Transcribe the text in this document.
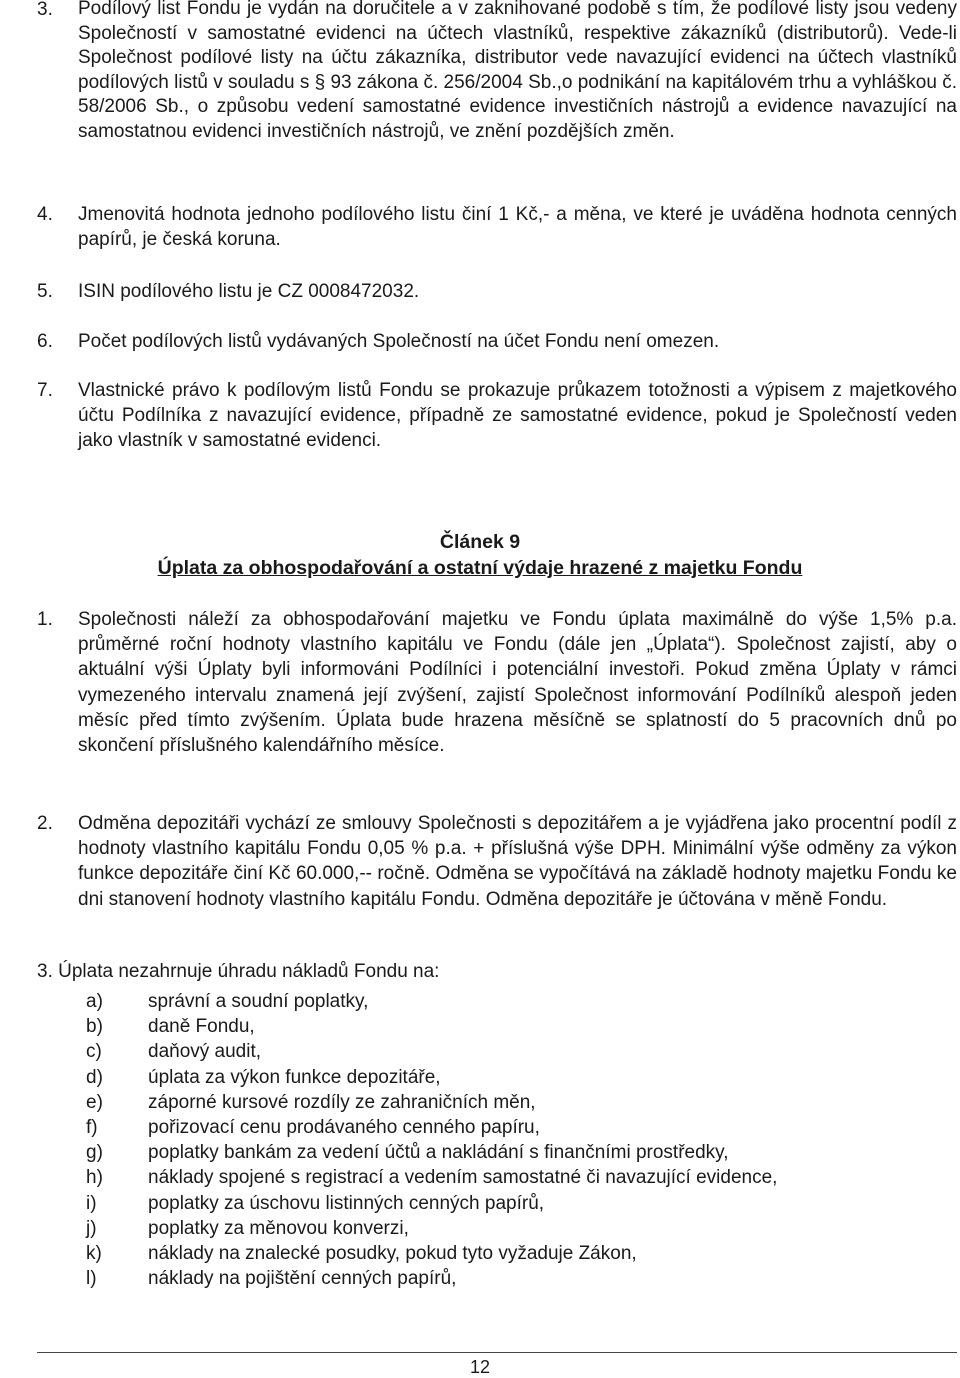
3. Podílový list Fondu je vydán na doručitele a v zaknihované podobě s tím, že podílové listy jsou vedeny Společností v samostatné evidenci na účtech vlastníků, respektive zákazníků (distributorů). Vede-li Společnost podílové listy na účtu zákazníka, distributor vede navazující evidenci na účtech vlastníků podílových listů v souladu s § 93 zákona č. 256/2004 Sb.,o podnikání na kapitálovém trhu a vyhláškou č. 58/2006 Sb., o způsobu vedení samostatné evidence investičních nástrojů a evidence navazující na samostatnou evidenci investičních nástrojů, ve znění pozdějších změn.
4. Jmenovitá hodnota jednoho podílového listu činí 1 Kč,- a měna, ve které je uváděna hodnota cenných papírů, je česká koruna.
5. ISIN podílového listu je CZ 0008472032.
6. Počet podílových listů vydávaných Společností na účet Fondu není omezen.
7. Vlastnické právo k podílovým listů Fondu se prokazuje průkazem totožnosti a výpisem z majetkového účtu Podílníka z navazující evidence, případně ze samostatné evidence, pokud je Společností veden jako vlastník v samostatné evidenci.
Článek 9
Úplata za obhospodařování a ostatní výdaje hrazené z majetku Fondu
1. Společnosti náleží za obhospodařování majetku ve Fondu úplata maximálně do výše 1,5% p.a. průměrné roční hodnoty vlastního kapitálu ve Fondu (dále jen „Úplata“). Společnost zajistí, aby o aktuální výši Úplaty byli informováni Podílníci i potenciální investoři. Pokud změna Úplaty v rámci vymezeného intervalu znamená její zvýšení, zajistí Společnost informování Podílníků alespoň jeden měsíc před tímto zvýšením. Úplata bude hrazena měsíčně se splatností do 5 pracovních dnů po skončení příslušného kalendářního měsíce.
2. Odměna depozitáři vychází ze smlouvy Společnosti s depozitářem a je vyjádřena jako procentní podíl z hodnoty vlastního kapitálu Fondu 0,05 % p.a. + příslušná výše DPH. Minimální výše odměny za výkon funkce depozitáře činí Kč 60.000,-- ročně. Odměna se vypočítává na základě hodnoty majetku Fondu ke dni stanovení hodnoty vlastního kapitálu Fondu. Odměna depozitáře je účtována v měně Fondu.
3. Úplata nezahrnuje úhradu nákladů Fondu na:
a) správní a soudní poplatky,
b) daně Fondu,
c) daňový audit,
d) úplata za výkon funkce depozitáře,
e) záporné kursové rozdíly ze zahraničních měn,
f)	pořizovací cenu prodávaného cenného papíru,
g) poplatky bankám za vedení účtů a nakládání s finančními prostředky,
h) náklady spojené s registrací a vedením samostatné či navazující evidence,
i)	poplatky za úschovu listinných cenných papírů,
j)	poplatky za měnovou konverzi,
k) náklady na znalecké posudky, pokud tyto vyžaduje Zákon,
l)	náklady na pojištění cenných papírů,
12
